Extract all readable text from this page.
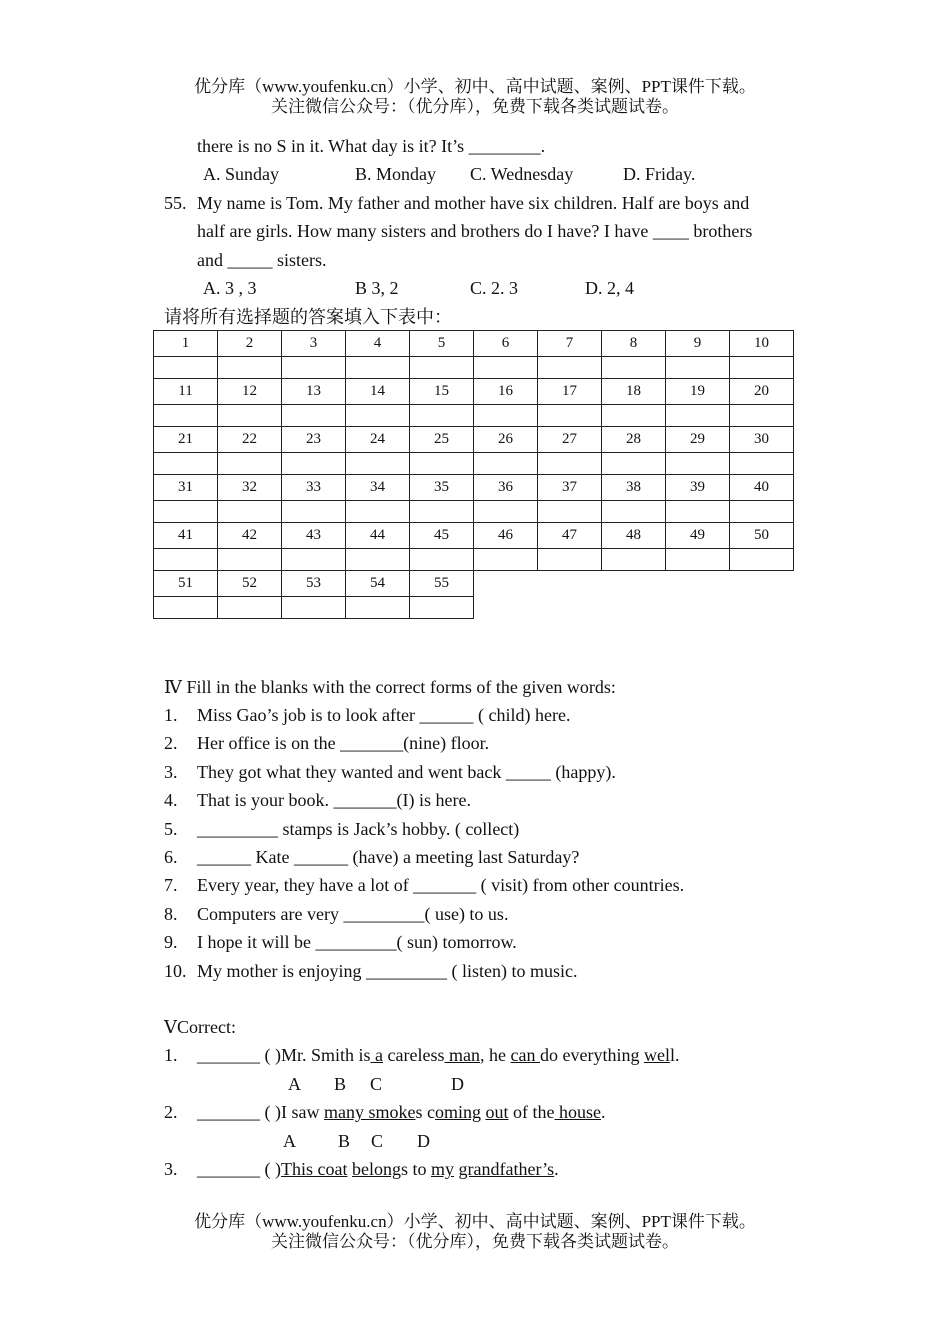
优分库（www.youfenku.cn）小学、初中、高中试题、案例、PPT课件下载。
关注微信公众号：（优分库），免费下载各类试题试卷。
there is no S in it. What day is it? It’s ________.
A. Sunday	B. Monday C. Wednesday	D. Friday.
55. My name is Tom. My father and mother have six children. Half are boys and
half are girls. How many sisters and brothers do I have? I have ____ brothers
and _____ sisters.
A. 3 , 3	B 3, 2	C. 2. 3	D. 2, 4
请将所有选择题的答案填入下表中：
1	2	3	4	5	6	7	8	9	10

11	12	13	14	15	16	17	18	19	20

21	22	23	24	25	26	27	28	29	30

31	32	33	34	35	36	37	38	39	40

41	42	43	44	45	46	47	48	49	50

51	52	53	54	55					

Ⅳ Fill in the blanks with the correct forms of the given words:
1. Miss Gao’s job is to look after ______ ( child) here.
2. Her office is on the _______(nine) floor.
3. They got what they wanted and went back _____ (happy).
4. That is your book. _______(I) is here.
5. _________ stamps is Jack’s hobby. ( collect)
6. ______ Kate ______ (have) a meeting last Saturday?
7. Every year, they have a lot of _______ ( visit) from other countries.
8. Computers are very _________( use) to us.
9. I hope it will be _________( sun) tomorrow.
10. My mother is enjoying _________ ( listen) to music.
ⅤCorrect:
1. _______ ( )Mr. Smith is a careless man, he can do everything well.
A B C	D
2. _______ ( )I saw many smokes coming out of the house.
A B C D
3. _______ ( )This coat belongs to my grandfather’s.
优分库（www.youfenku.cn）小学、初中、高中试题、案例、PPT课件下载。
关注微信公众号：（优分库），免费下载各类试题试卷。
